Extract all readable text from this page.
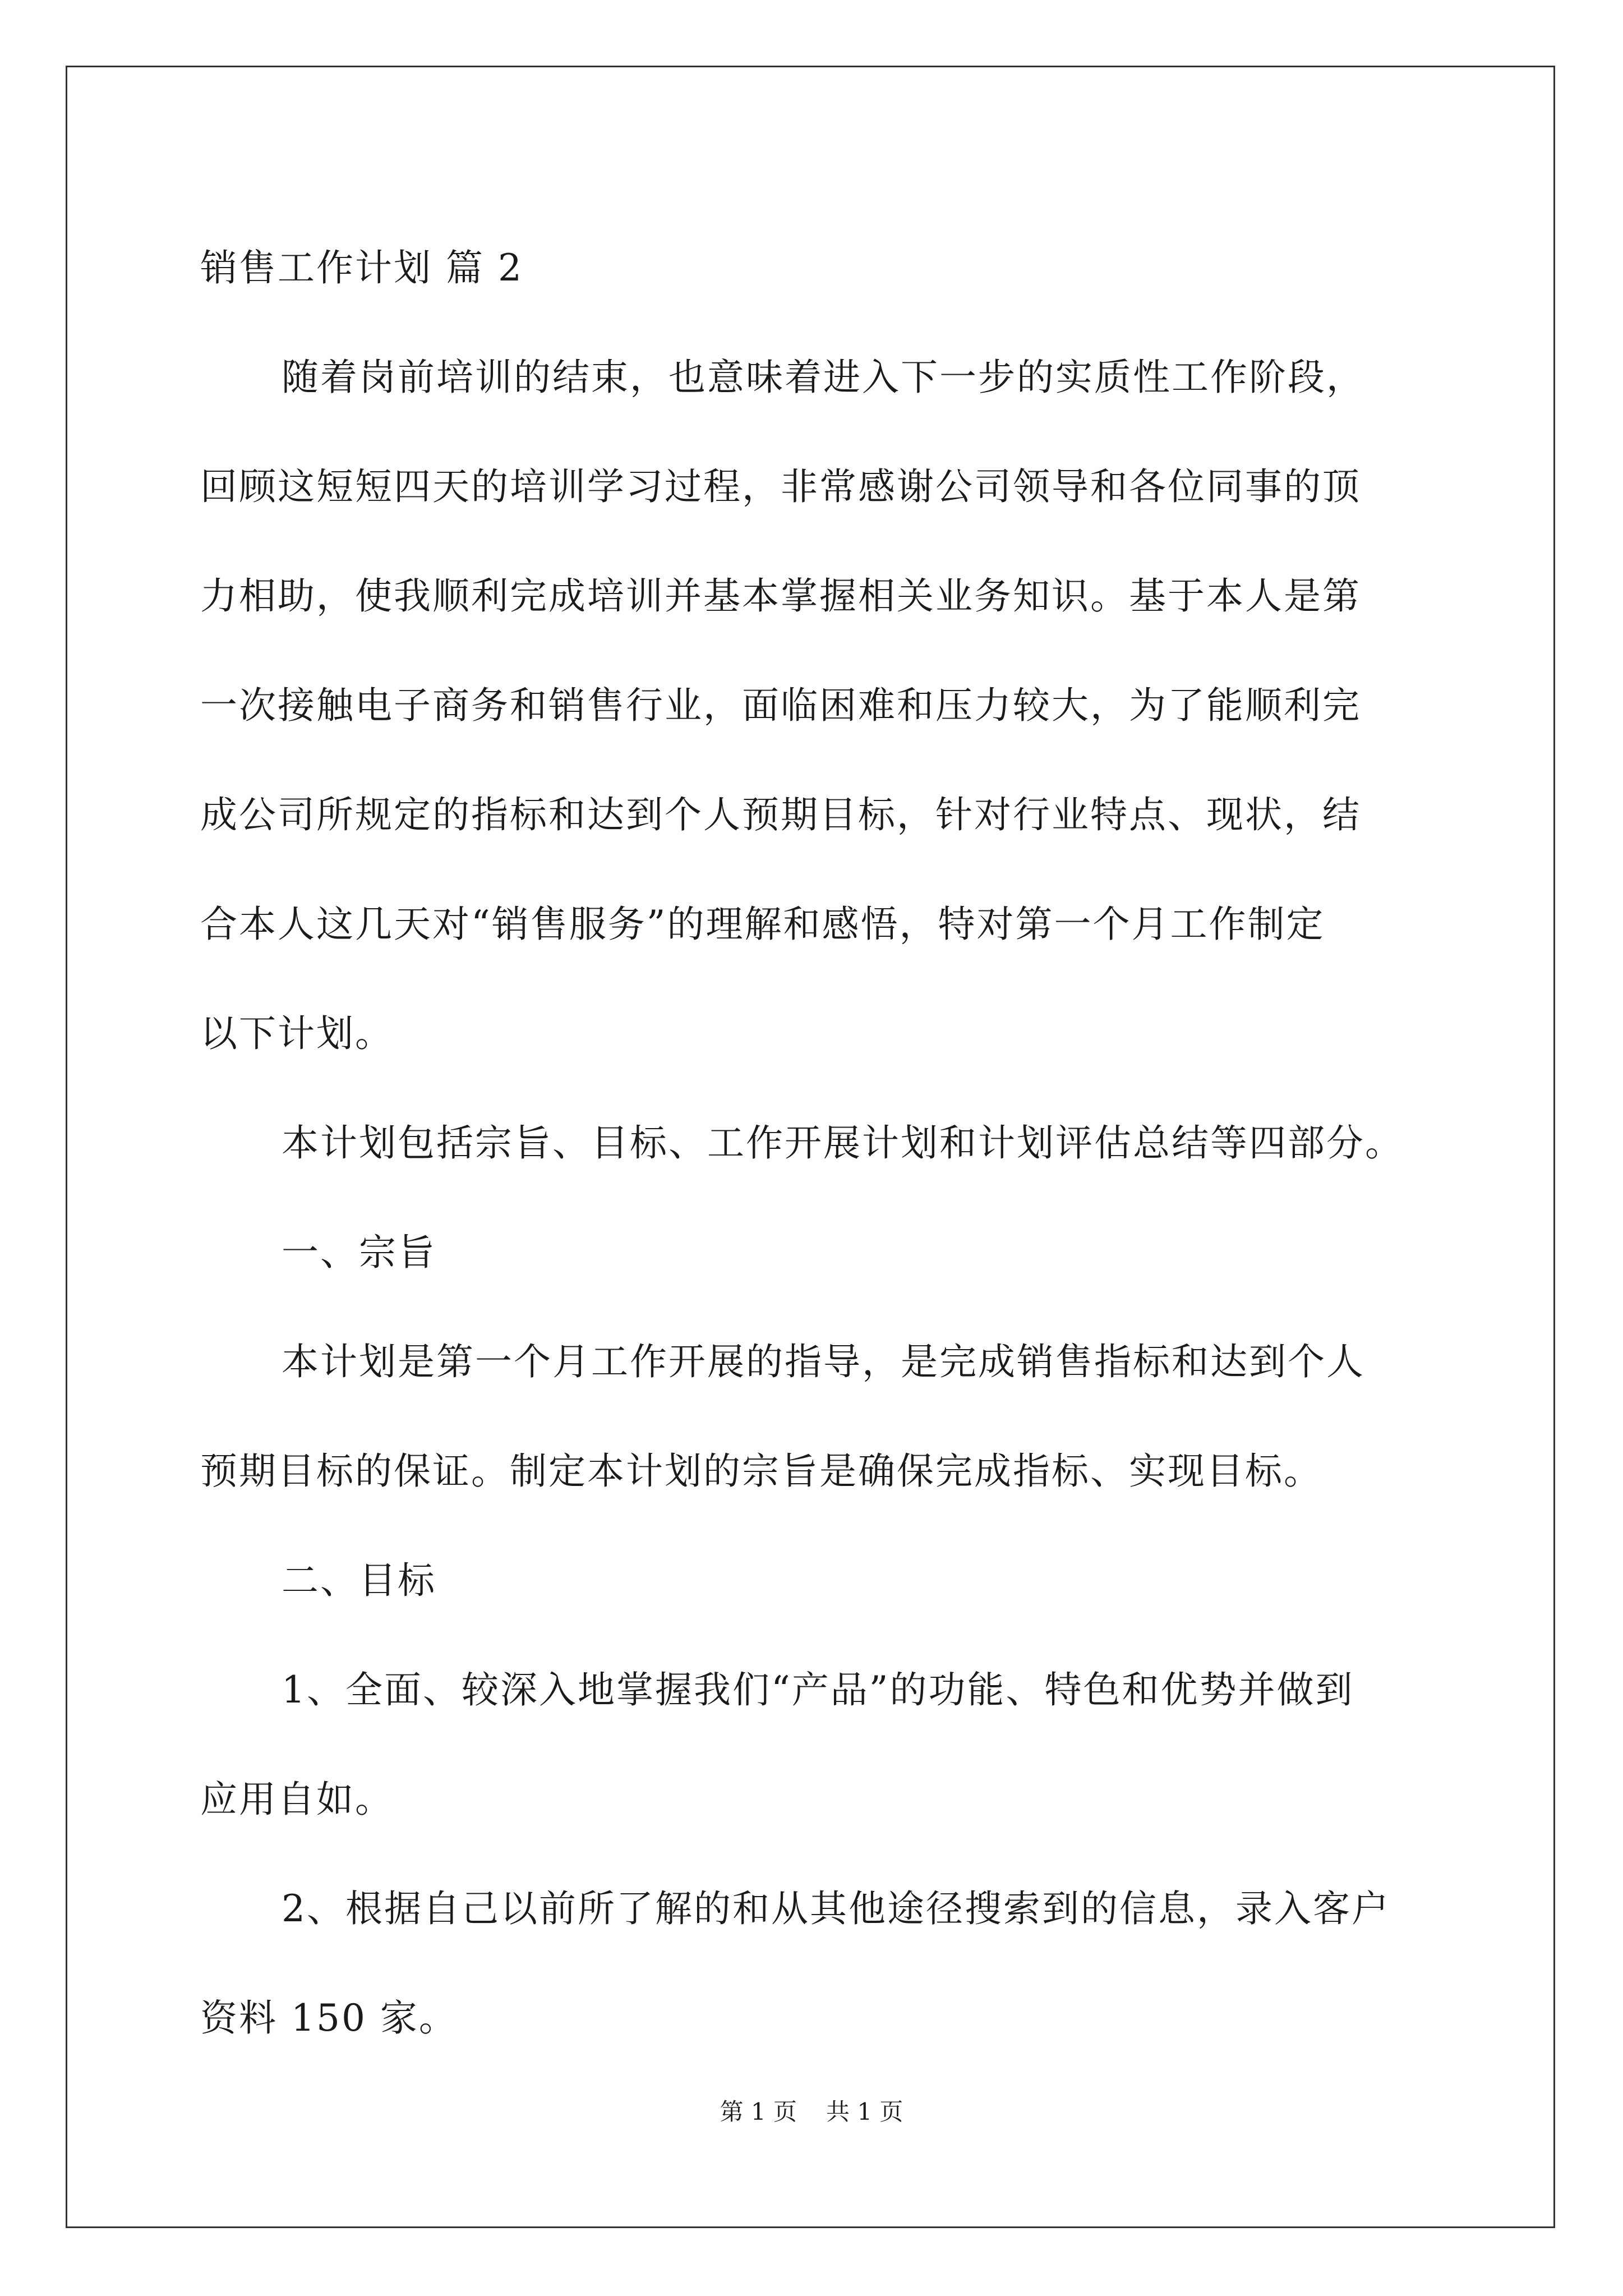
销售工作计划 篇 2
随着岗前培训的结束，也意味着进入下一步的实质性工作阶段，
回顾这短短四天的培训学习过程，非常感谢公司领导和各位同事的顶
力相助，使我顺利完成培训并基本掌握相关业务知识。基于本人是第
一次接触电子商务和销售行业，面临困难和压力较大，为了能顺利完
成公司所规定的指标和达到个人预期目标，针对行业特点、现状，结
合本人这几天对“销售服务”的理解和感悟，特对第一个月工作制定
以下计划。
本计划包括宗旨、目标、工作开展计划和计划评估总结等四部分。
一、宗旨
本计划是第一个月工作开展的指导，是完成销售指标和达到个人
预期目标的保证。制定本计划的宗旨是确保完成指标、实现目标。
二、目标
1、全面、较深入地掌握我们“产品”的功能、特色和优势并做到
应用自如。
2、根据自己以前所了解的和从其他途径搜索到的信息，录入客户
资料 150 家。
第 1 页 共 1 页
